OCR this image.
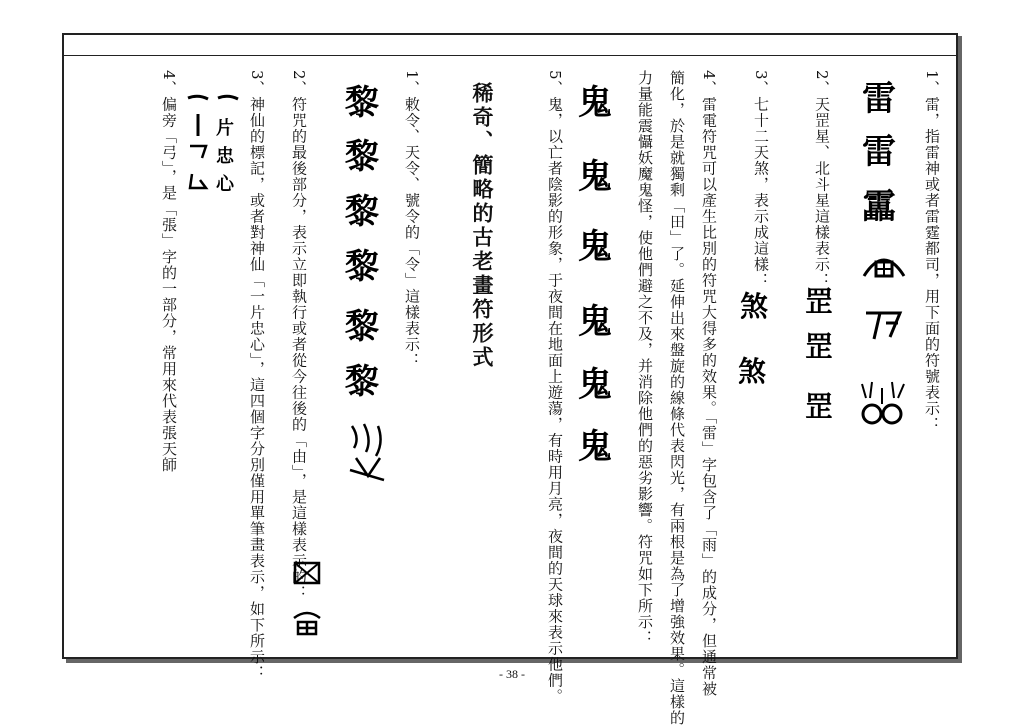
1、雷，指雷神或者雷霆都司，用下面的符號表示：
2、天罡星、北斗星這樣表示：
3、七十二天煞，表示成這樣：
4、雷電符咒可以產生比別的符咒大得多的效果。「雷」字包含了「雨」的成分，但通常被
簡化，於是就獨剩「田」了。延伸出來盤旋的線條代表閃光，有兩根是為了增強效果。這樣的
力量能震懾妖魔鬼怪，使他們避之不及，并消除他們的惡劣影響。符咒如下所示：
5、鬼，以亡者陰影的形象，于夜間在地面上遊蕩，有時用月亮，夜間的天球來表示他們。
稀奇、簡略的古老畫符形式
1、敕令、天令、號令的「令」這樣表示：
2、符咒的最後部分，表示立即執行或者從今往後的「由」，是這樣表示的：
3、神仙的標記，或者對神仙「一片忠心」，這四個字分別僅用單筆畫表示，如下所示：
4、偏旁「弓」，是「張」字的一部分，常用來代表張天師	雷
雷
靁
罡
罡
罡
煞
煞
鬼
鬼
鬼
鬼
鬼
鬼
黎
黎
黎
黎
黎
黎
片
忠
心
- 38 -
